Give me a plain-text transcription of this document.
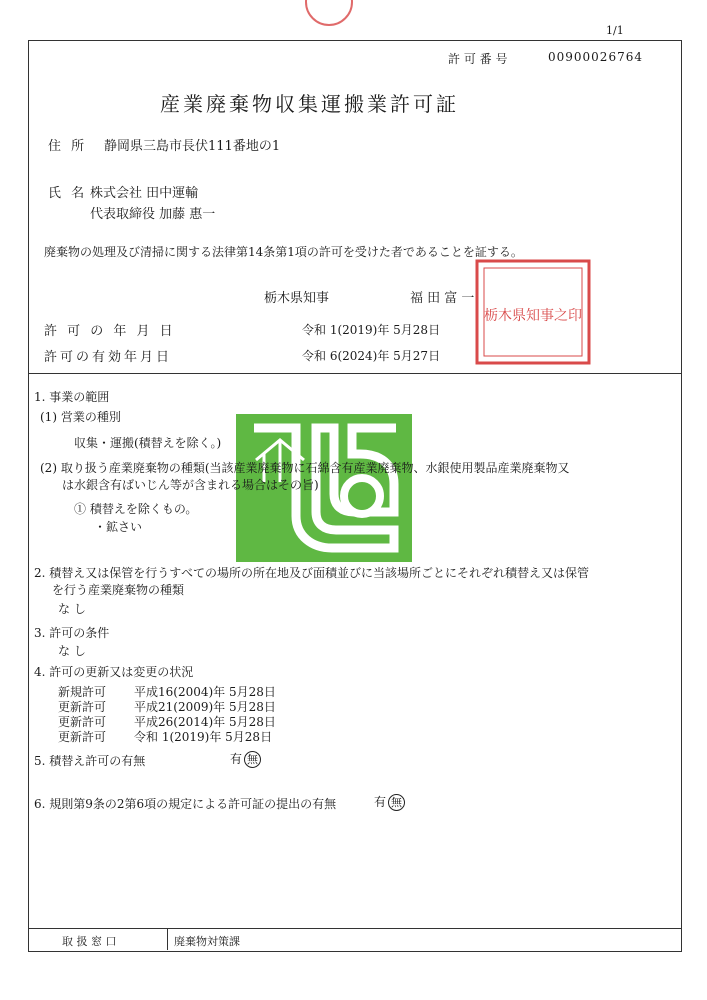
1/1
許 可 番 号	00900026764
産業廃棄物収集運搬業許可証
住 所 静岡県三島市長伏111番地の1
氏 名 株式会社 田中運輸
代表取締役 加藤 惠一
廃棄物の処理及び清掃に関する法律第14条第1項の許可を受けた者であることを証する。
栃木県知事	福 田 富 一
栃木県知事之印
許 可 の 年 月 日	令和 1(2019)年 5月28日
許可の有効年月日	令和 6(2024)年 5月27日
1. 事業の範囲
(1) 営業の種別
収集・運搬(積替えを除く。)
(2) 取り扱う産業廃棄物の種類(当該産業廃棄物に石綿含有産業廃棄物、水銀使用製品産業廃棄物又
は水銀含有ばいじん等が含まれる場合はその旨)
① 積替えを除くもの。
・鉱さい
2. 積替え又は保管を行うすべての場所の所在地及び面積並びに当該場所ごとにそれぞれ積替え又は保管
を行う産業廃棄物の種類
な し
3. 許可の条件
な し
4. 許可の更新又は変更の状況
新規許可 平成16(2004)年 5月28日
更新許可 平成21(2009)年 5月28日
更新許可 平成26(2014)年 5月28日
更新許可 令和 1(2019)年 5月28日
5. 積替え許可の有無	有 無
6. 規則第9条の2第6項の規定による許可証の提出の有無	有 無
取 扱 窓 口	廃棄物対策課
